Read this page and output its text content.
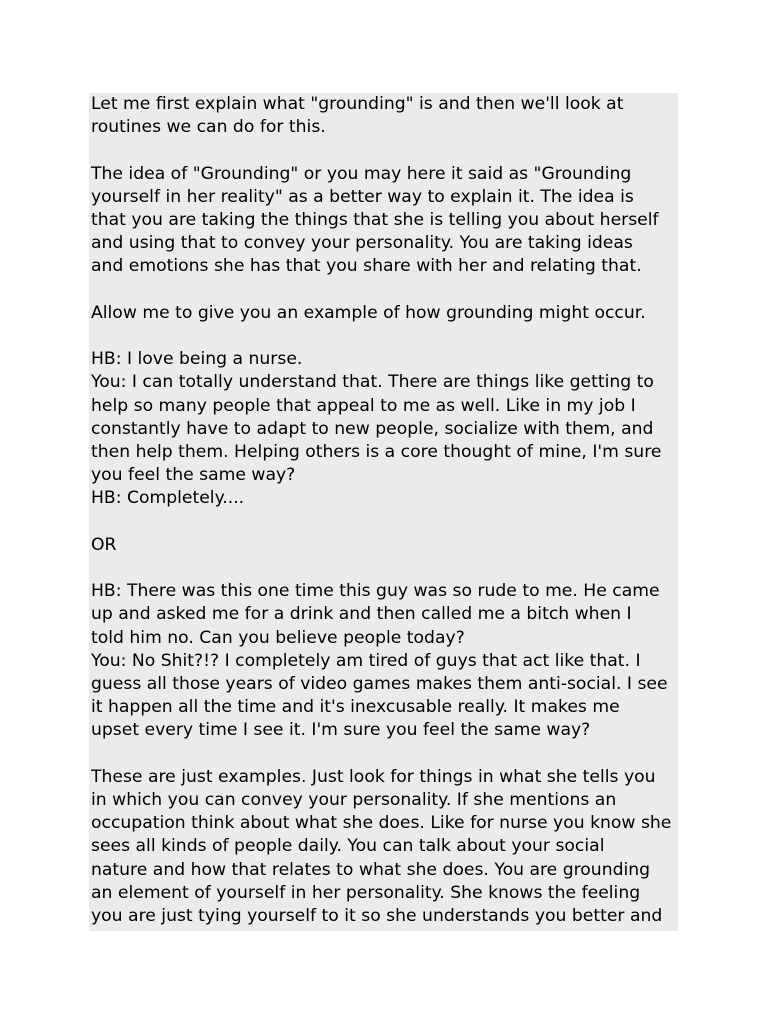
Let me first explain what "grounding" is and then we'll look at
routines we can do for this.

The idea of "Grounding" or you may here it said as "Grounding
yourself in her reality" as a better way to explain it. The idea is
that you are taking the things that she is telling you about herself
and using that to convey your personality. You are taking ideas
and emotions she has that you share with her and relating that.

Allow me to give you an example of how grounding might occur.

HB: I love being a nurse.
You: I can totally understand that. There are things like getting to
help so many people that appeal to me as well. Like in my job I
constantly have to adapt to new people, socialize with them, and
then help them. Helping others is a core thought of mine, I'm sure
you feel the same way?
HB: Completely....

OR

HB: There was this one time this guy was so rude to me. He came
up and asked me for a drink and then called me a bitch when I
told him no. Can you believe people today?
You: No Shit?!? I completely am tired of guys that act like that. I
guess all those years of video games makes them anti-social. I see
it happen all the time and it's inexcusable really. It makes me
upset every time I see it. I'm sure you feel the same way?

These are just examples. Just look for things in what she tells you
in which you can convey your personality. If she mentions an
occupation think about what she does. Like for nurse you know she
sees all kinds of people daily. You can talk about your social
nature and how that relates to what she does. You are grounding
an element of yourself in her personality. She knows the feeling
you are just tying yourself to it so she understands you better and
